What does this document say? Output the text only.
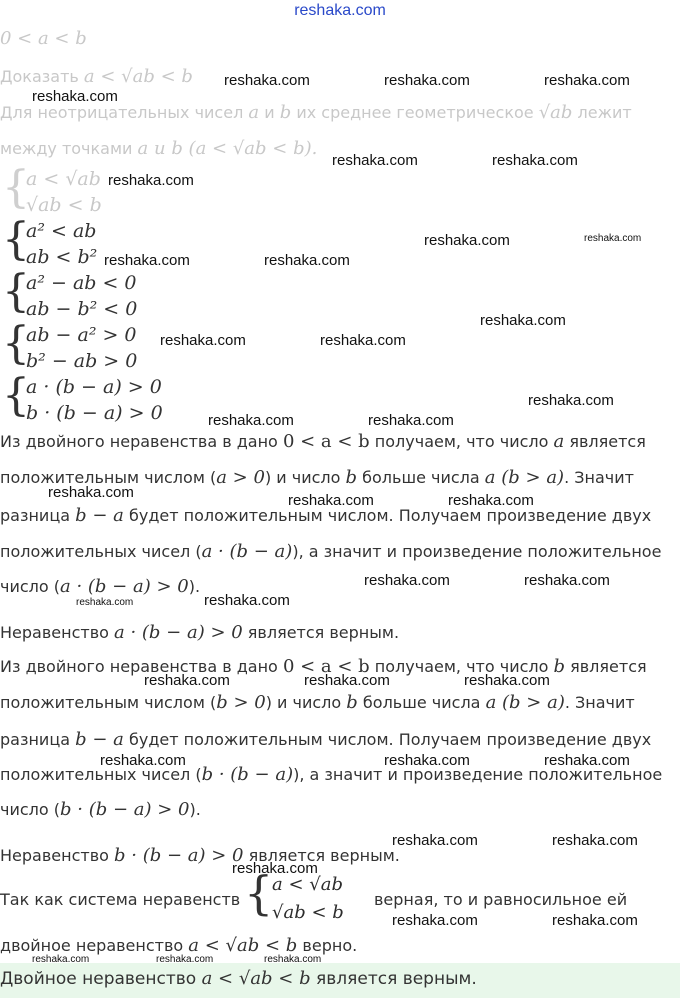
reshaka.com
0 < a < b
Доказать a < √ab < b
Для неотрицательных чисел a и b их среднее геометрическое √ab лежит
между точками a и b (a < √ab < b).
{
a < √ab
√ab < b
{
a² < ab
ab < b²
{
a² − ab < 0
ab − b² < 0
{
ab − a² > 0
b² − ab > 0
{
a · (b − a) > 0
b · (b − a) > 0
Из двойного неравенства в дано 0 < a < b получаем, что число a является
положительным числом (a > 0) и число b больше числа a (b > a). Значит
разница b − a будет положительным числом. Получаем произведение двух
положительных чисел (a · (b − a)), а значит и произведение положительное
число (a · (b − a) > 0).
Неравенство a · (b − a) > 0 является верным.
Из двойного неравенства в дано 0 < a < b получаем, что число b является
положительным числом (b > 0) и число b больше числа a (b > a). Значит
разница b − a будет положительным числом. Получаем произведение двух
положительных чисел (b · (b − a)), а значит и произведение положительное
число (b · (b − a) > 0).
Неравенство b · (b − a) > 0 является верным.
Так как система неравенств {
a < √ab
√ab < b
верная, то и равносильное ей
двойное неравенство a < √ab < b верно.
Двойное неравенство a < √ab < b является верным.
reshaka.com	reshaka.com	reshaka.com
reshaka.com
reshaka.com	reshaka.com
reshaka.com
reshaka.com	reshaka.com
reshaka.com	reshaka.com
reshaka.com
reshaka.com	reshaka.com
reshaka.com
reshaka.com	reshaka.com
reshaka.com	reshaka.com	reshaka.com
reshaka.com	reshaka.com
reshaka.com	reshaka.com
reshaka.com	reshaka.com	reshaka.com
reshaka.com	reshaka.com	reshaka.com
reshaka.com	reshaka.com
reshaka.com
reshaka.com	reshaka.com
reshaka.com	reshaka.com	reshaka.com
